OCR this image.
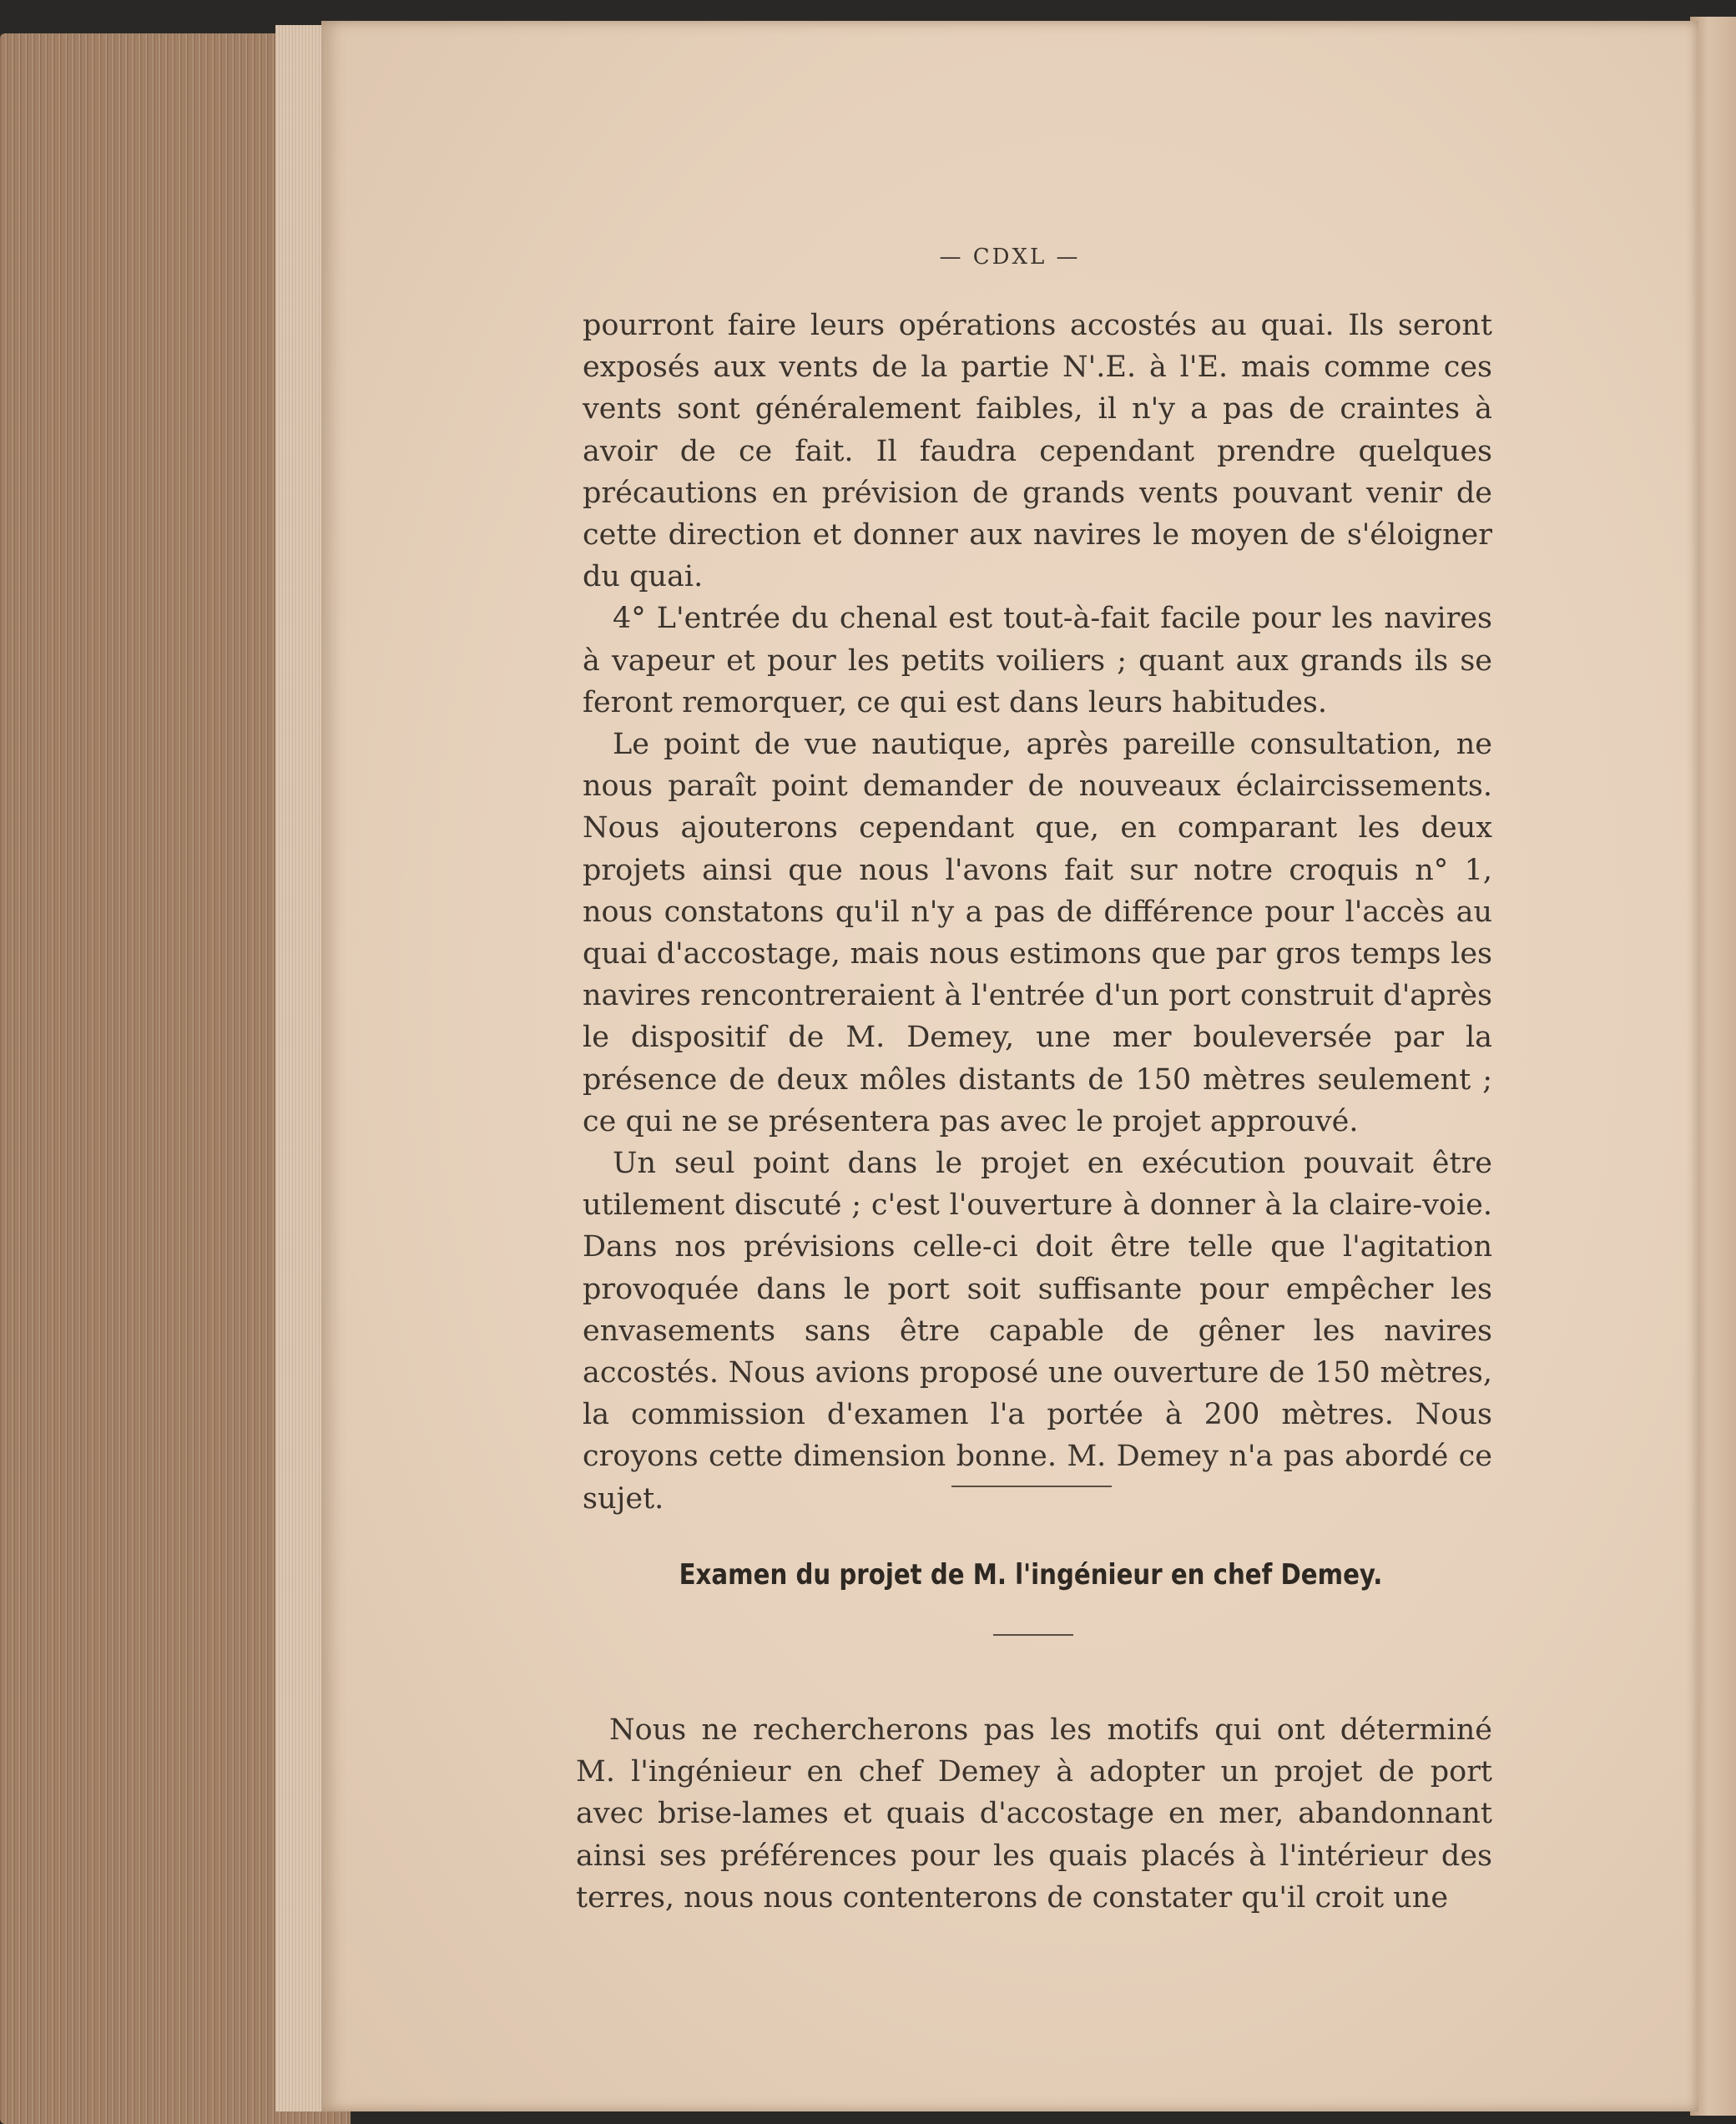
— CDXL —

pourront faire leurs opérations accostés au quai. Ils seront exposés aux vents de la partie N'.E. à l'E. mais comme ces vents sont généralement faibles, il n'y a pas de craintes à avoir de ce fait. Il faudra cependant prendre quelques précautions en prévision de grands vents pouvant venir de cette direction et donner aux navires le moyen de s'éloigner du quai.

4° L'entrée du chenal est tout-à-fait facile pour les navires à vapeur et pour les petits voiliers ; quant aux grands ils se feront remorquer, ce qui est dans leurs habitudes.

Le point de vue nautique, après pareille consultation, ne nous paraît point demander de nouveaux éclaircissements. Nous ajouterons cependant que, en comparant les deux projets ainsi que nous l'avons fait sur notre croquis n° 1, nous constatons qu'il n'y a pas de différence pour l'accès au quai d'accostage, mais nous estimons que par gros temps les navires rencontreraient à l'entrée d'un port construit d'après le dispositif de M. Demey, une mer bouleversée par la présence de deux môles distants de 150 mètres seulement ; ce qui ne se présentera pas avec le projet approuvé.

Un seul point dans le projet en exécution pouvait être utilement discuté ; c'est l'ouverture à donner à la claire-voie. Dans nos prévisions celle-ci doit être telle que l'agitation provoquée dans le port soit suffisante pour empêcher les envasements sans être capable de gêner les navires accostés. Nous avions proposé une ouverture de 150 mètres, la commission d'examen l'a portée à 200 mètres. Nous croyons cette dimension bonne. M. Demey n'a pas abordé ce sujet.

Examen du projet de M. l'ingénieur en chef Demey.

Nous ne rechercherons pas les motifs qui ont déterminé M. l'ingénieur en chef Demey à adopter un projet de port avec brise-lames et quais d'accostage en mer, abandonnant ainsi ses préférences pour les quais placés à l'intérieur des terres, nous nous contenterons de constater qu'il croit une
